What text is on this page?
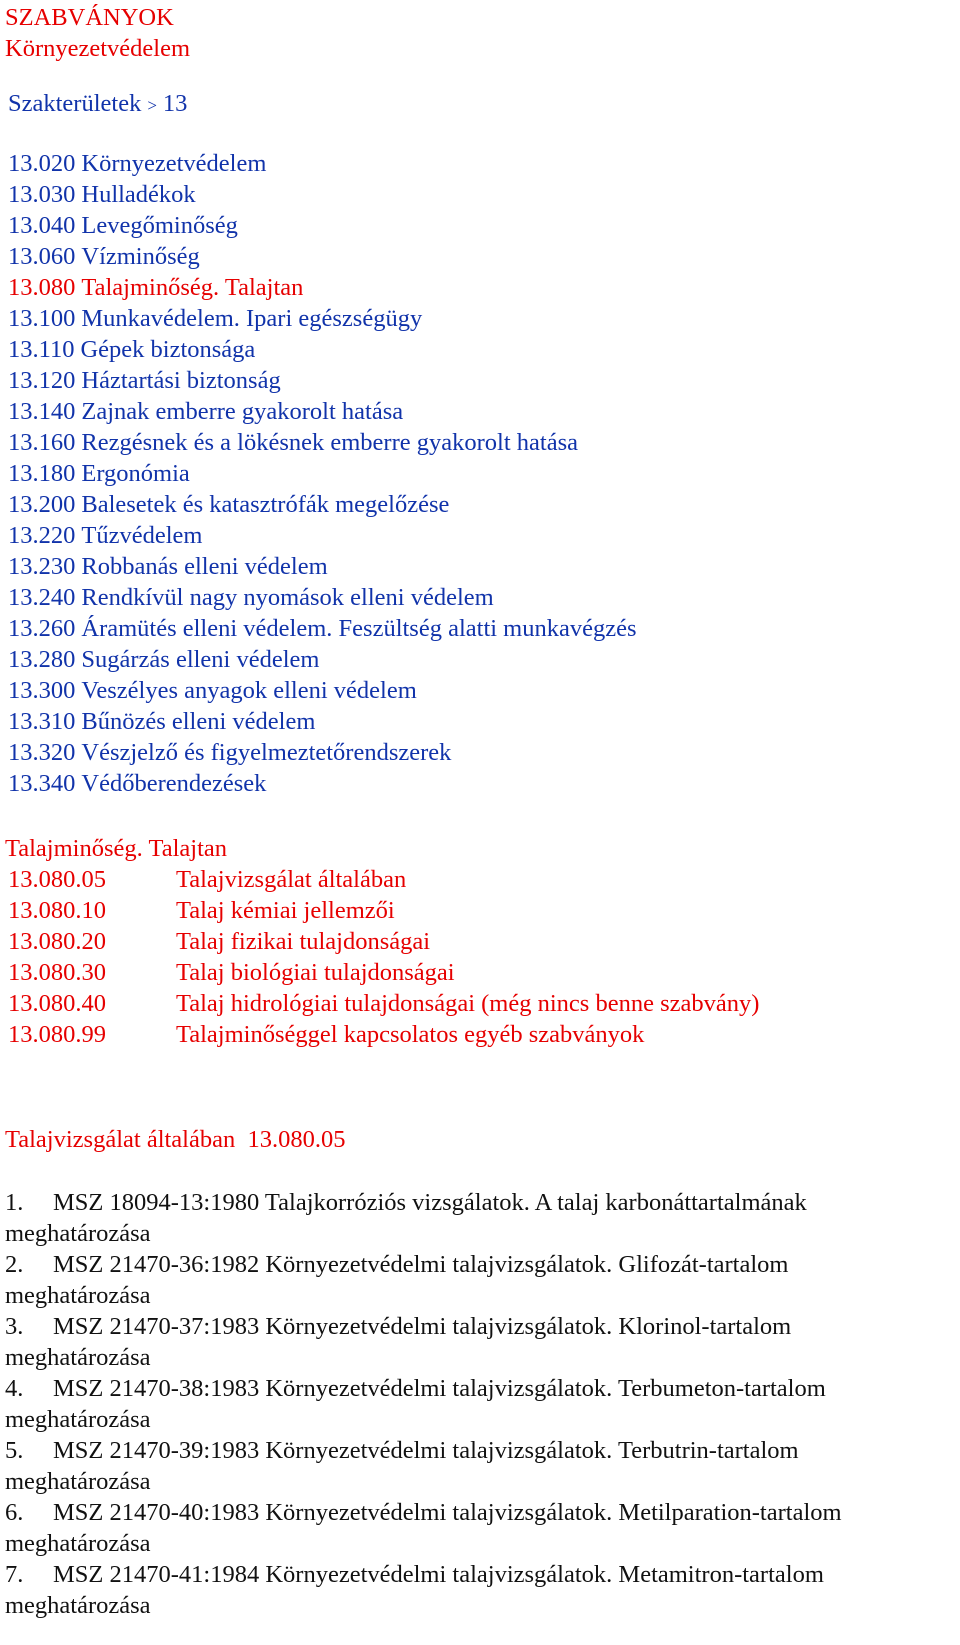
SZABVÁNYOK
Környezetvédelem
Szakterületek > 13
13.020 Környezetvédelem
13.030 Hulladékok
13.040 Levegőminőség
13.060 Vízminőség
13.080 Talajminőség. Talajtan
13.100 Munkavédelem. Ipari egészségügy
13.110 Gépek biztonsága
13.120 Háztartási biztonság
13.140 Zajnak emberre gyakorolt hatása
13.160 Rezgésnek és a lökésnek emberre gyakorolt hatása
13.180 Ergonómia
13.200 Balesetek és katasztrófák megelőzése
13.220 Tűzvédelem
13.230 Robbanás elleni védelem
13.240 Rendkívül nagy nyomások elleni védelem
13.260 Áramütés elleni védelem. Feszültség alatti munkavégzés
13.280 Sugárzás elleni védelem
13.300 Veszélyes anyagok elleni védelem
13.310 Bűnözés elleni védelem
13.320 Vészjelző és figyelmeztetőrendszerek
13.340 Védőberendezések
Talajminőség. Talajtan
13.080.05	Talajvizsgálat általában
13.080.10	Talaj kémiai jellemzői
13.080.20	Talaj fizikai tulajdonságai
13.080.30	Talaj biológiai tulajdonságai
13.080.40	Talaj hidrológiai tulajdonságai (még nincs benne szabvány)
13.080.99	Talajminőséggel kapcsolatos egyéb szabványok
Talajvizsgálat általában  13.080.05
1. MSZ 18094-13:1980 Talajkorróziós vizsgálatok. A talaj karbonáttartalmának
meghatározása
2. MSZ 21470-36:1982 Környezetvédelmi talajvizsgálatok. Glifozát-tartalom
meghatározása
3. MSZ 21470-37:1983 Környezetvédelmi talajvizsgálatok. Klorinol-tartalom
meghatározása
4. MSZ 21470-38:1983 Környezetvédelmi talajvizsgálatok. Terbumeton-tartalom
meghatározása
5. MSZ 21470-39:1983 Környezetvédelmi talajvizsgálatok. Terbutrin-tartalom
meghatározása
6. MSZ 21470-40:1983 Környezetvédelmi talajvizsgálatok. Metilparation-tartalom
meghatározása
7. MSZ 21470-41:1984 Környezetvédelmi talajvizsgálatok. Metamitron-tartalom
meghatározása
